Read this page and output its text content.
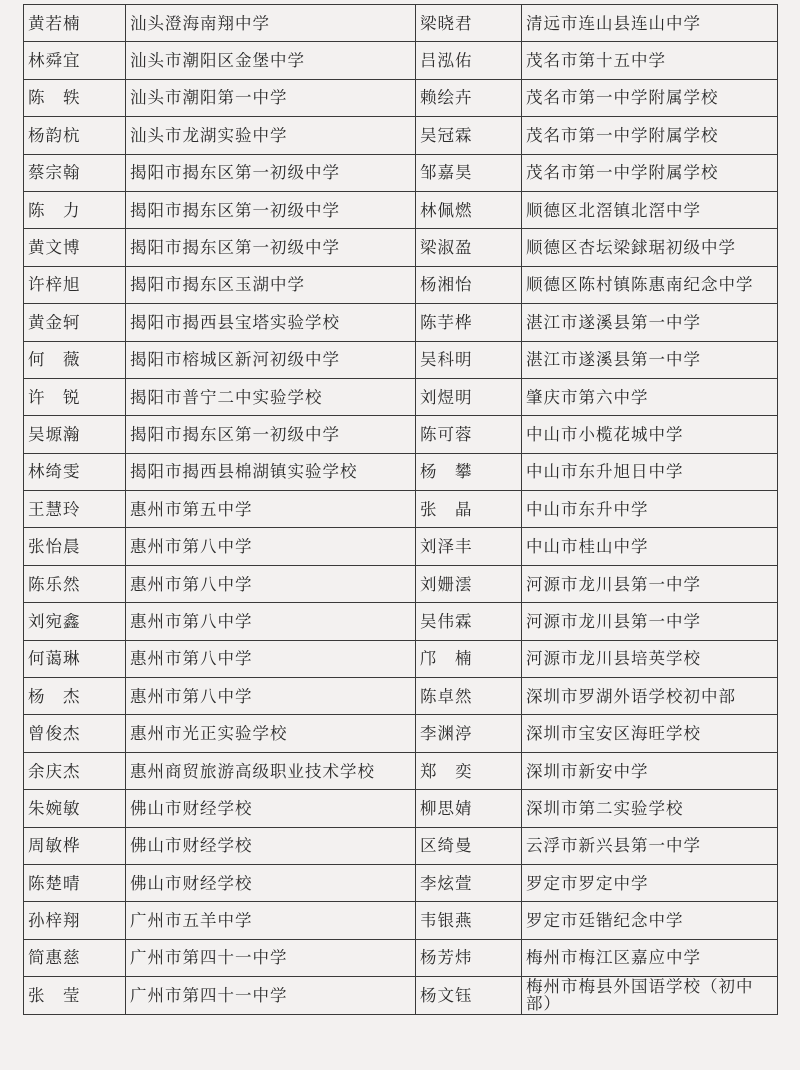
黄若楠	汕头澄海南翔中学	梁晓君	清远市连山县连山中学
林舜宜	汕头市潮阳区金堡中学	吕泓佑	茂名市第十五中学
陈　轶	汕头市潮阳第一中学	赖绘卉	茂名市第一中学附属学校
杨韵杭	汕头市龙湖实验中学	吴冠霖	茂名市第一中学附属学校
蔡宗翰	揭阳市揭东区第一初级中学	邹嘉昊	茂名市第一中学附属学校
陈　力	揭阳市揭东区第一初级中学	林佩燃	顺德区北滘镇北滘中学
黄文博	揭阳市揭东区第一初级中学	梁淑盈	顺德区杏坛梁銶琚初级中学
许梓旭	揭阳市揭东区玉湖中学	杨湘怡	顺德区陈村镇陈惠南纪念中学
黄金轲	揭阳市揭西县宝塔实验学校	陈芋桦	湛江市遂溪县第一中学
何　薇	揭阳市榕城区新河初级中学	吴科明	湛江市遂溪县第一中学
许　锐	揭阳市普宁二中实验学校	刘煜明	肇庆市第六中学
吴塬瀚	揭阳市揭东区第一初级中学	陈可蓉	中山市小榄花城中学
林绮雯	揭阳市揭西县棉湖镇实验学校	杨　攀	中山市东升旭日中学
王慧玲	惠州市第五中学	张　晶	中山市东升中学
张怡晨	惠州市第八中学	刘泽丰	中山市桂山中学
陈乐然	惠州市第八中学	刘姗澐	河源市龙川县第一中学
刘宛鑫	惠州市第八中学	吴伟霖	河源市龙川县第一中学
何蔼琳	惠州市第八中学	邝　楠	河源市龙川县培英学校
杨　杰	惠州市第八中学	陈卓然	深圳市罗湖外语学校初中部
曾俊杰	惠州市光正实验学校	李渊渟	深圳市宝安区海旺学校
余庆杰	惠州商贸旅游高级职业技术学校	郑　奕	深圳市新安中学
朱婉敏	佛山市财经学校	柳思婧	深圳市第二实验学校
周敏桦	佛山市财经学校	区绮曼	云浮市新兴县第一中学
陈楚晴	佛山市财经学校	李炫萱	罗定市罗定中学
孙梓翔	广州市五羊中学	韦银燕	罗定市廷锴纪念中学
简惠慈	广州市第四十一中学	杨芳炜	梅州市梅江区嘉应中学
张　莹	广州市第四十一中学	杨文钰	梅州市梅县外国语学校（初中部）
